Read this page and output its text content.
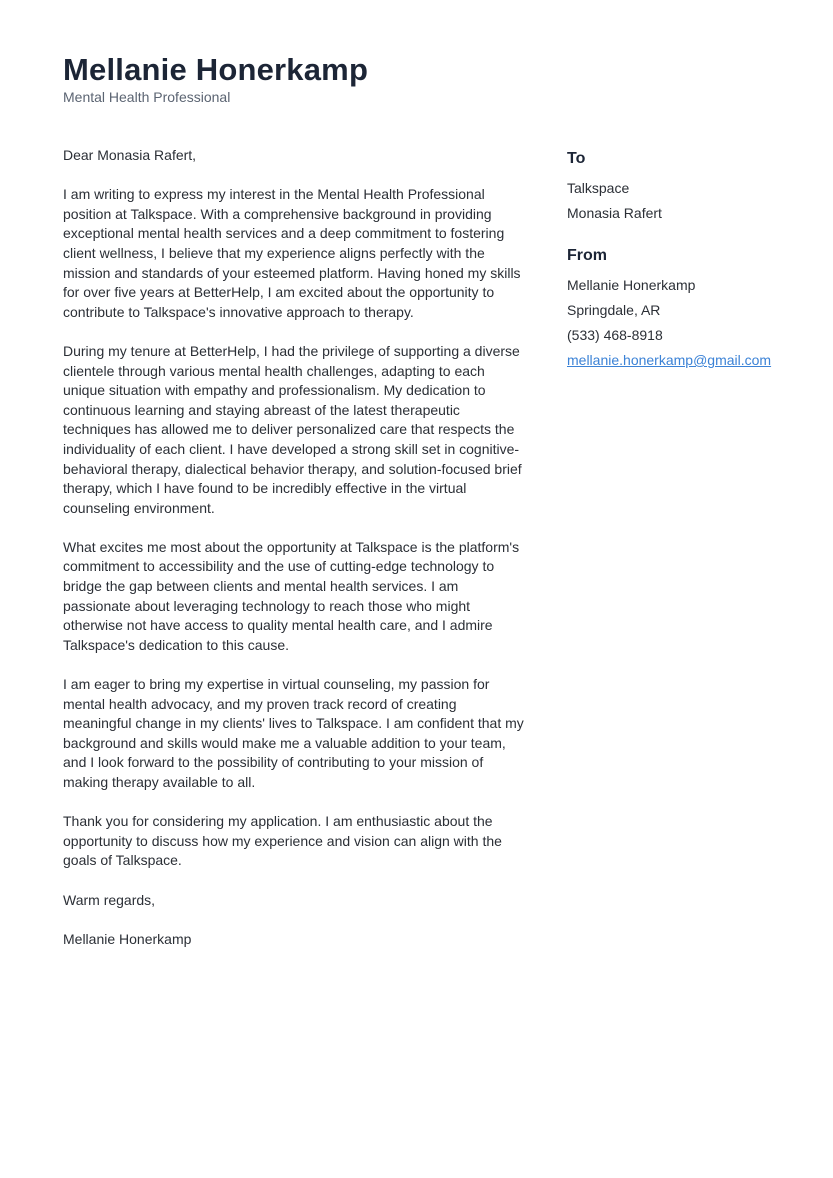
Mellanie Honerkamp
Mental Health Professional

Dear Monasia Rafert,

I am writing to express my interest in the Mental Health Professional position at Talkspace. With a comprehensive background in providing exceptional mental health services and a deep commitment to fostering client wellness, I believe that my experience aligns perfectly with the mission and standards of your esteemed platform. Having honed my skills for over five years at BetterHelp, I am excited about the opportunity to contribute to Talkspace's innovative approach to therapy.

During my tenure at BetterHelp, I had the privilege of supporting a diverse clientele through various mental health challenges, adapting to each unique situation with empathy and professionalism. My dedication to continuous learning and staying abreast of the latest therapeutic techniques has allowed me to deliver personalized care that respects the individuality of each client. I have developed a strong skill set in cognitive-behavioral therapy, dialectical behavior therapy, and solution-focused brief therapy, which I have found to be incredibly effective in the virtual counseling environment.

What excites me most about the opportunity at Talkspace is the platform's commitment to accessibility and the use of cutting-edge technology to bridge the gap between clients and mental health services. I am passionate about leveraging technology to reach those who might otherwise not have access to quality mental health care, and I admire Talkspace's dedication to this cause.

I am eager to bring my expertise in virtual counseling, my passion for mental health advocacy, and my proven track record of creating meaningful change in my clients' lives to Talkspace. I am confident that my background and skills would make me a valuable addition to your team, and I look forward to the possibility of contributing to your mission of making therapy available to all.

Thank you for considering my application. I am enthusiastic about the opportunity to discuss how my experience and vision can align with the goals of Talkspace.

Warm regards,

Mellanie Honerkamp

To
Talkspace
Monasia Rafert
From
Mellanie Honerkamp
Springdale, AR
(533) 468-8918
mellanie.honerkamp@gmail.com
